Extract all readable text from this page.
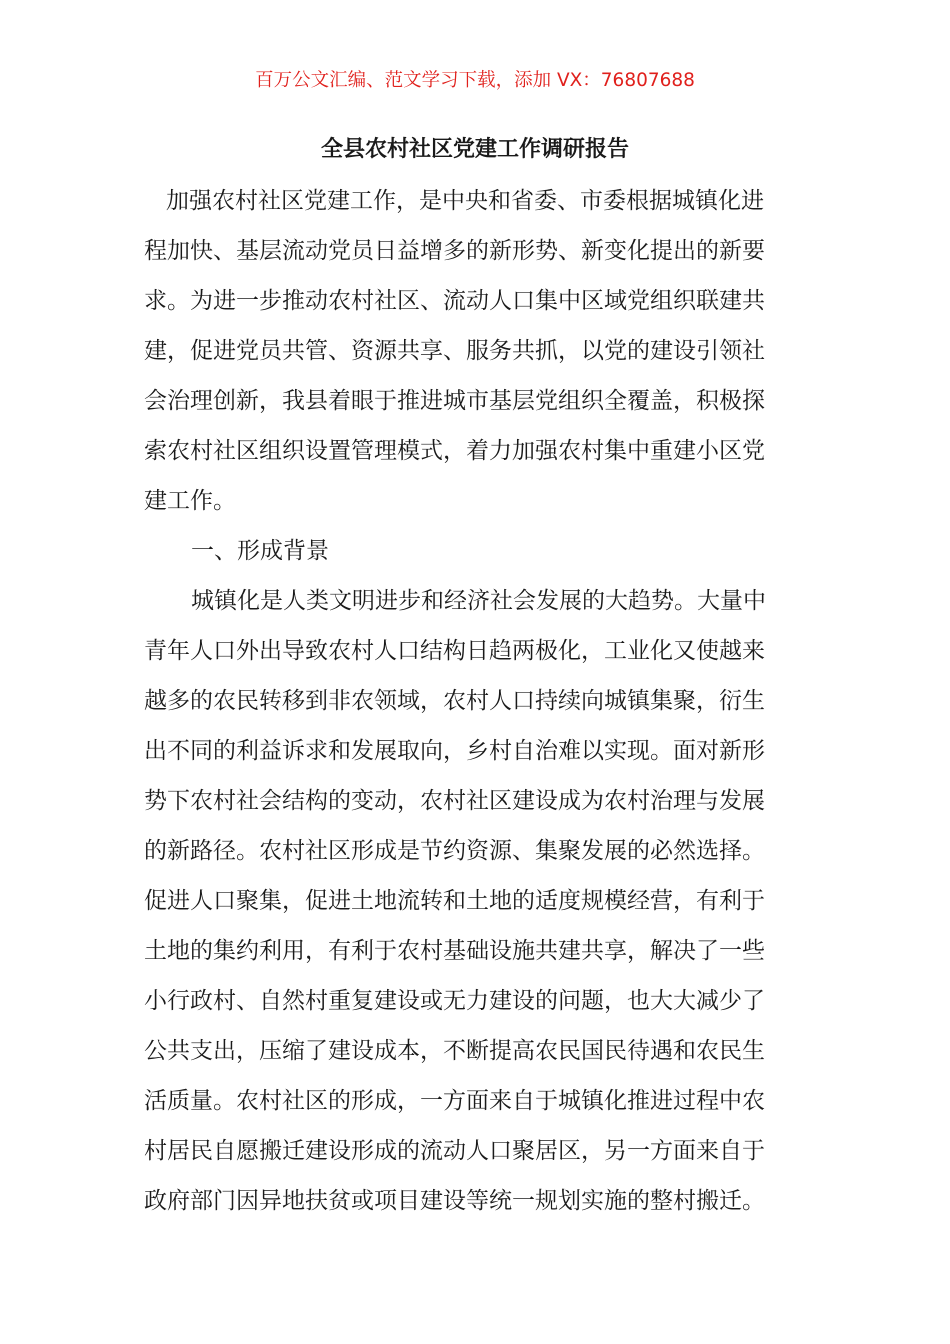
百万公文汇编、范文学习下载，添加 VX：76807688
全县农村社区党建工作调研报告
加强农村社区党建工作，是中央和省委、市委根据城镇化进
程加快、基层流动党员日益增多的新形势、新变化提出的新要
求。为进一步推动农村社区、流动人口集中区域党组织联建共
建，促进党员共管、资源共享、服务共抓，以党的建设引领社
会治理创新，我县着眼于推进城市基层党组织全覆盖，积极探
索农村社区组织设置管理模式，着力加强农村集中重建小区党
建工作。
一、形成背景
城镇化是人类文明进步和经济社会发展的大趋势。大量中
青年人口外出导致农村人口结构日趋两极化，工业化又使越来
越多的农民转移到非农领域，农村人口持续向城镇集聚，衍生
出不同的利益诉求和发展取向，乡村自治难以实现。面对新形
势下农村社会结构的变动，农村社区建设成为农村治理与发展
的新路径。农村社区形成是节约资源、集聚发展的必然选择。
促进人口聚集，促进土地流转和土地的适度规模经营，有利于
土地的集约利用，有利于农村基础设施共建共享，解决了一些
小行政村、自然村重复建设或无力建设的问题，也大大减少了
公共支出，压缩了建设成本，不断提高农民国民待遇和农民生
活质量。农村社区的形成，一方面来自于城镇化推进过程中农
村居民自愿搬迁建设形成的流动人口聚居区，另一方面来自于
政府部门因异地扶贫或项目建设等统一规划实施的整村搬迁。
